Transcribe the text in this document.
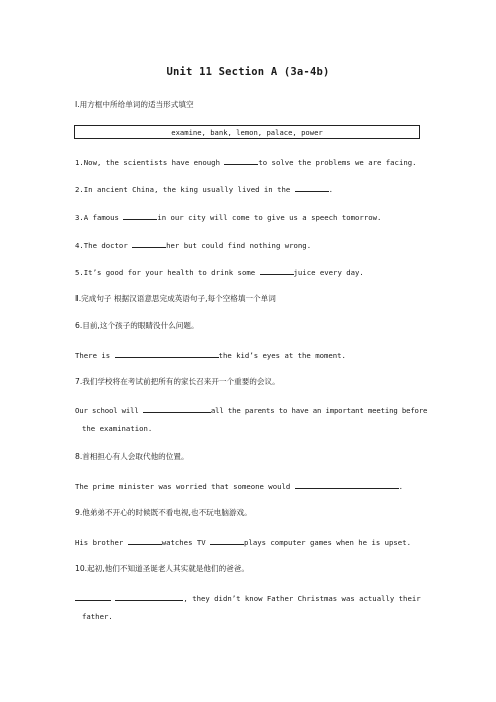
Unit 11 Section A (3a-4b)
Ⅰ.用方框中所给单词的适当形式填空
examine, bank, lemon, palace, power
1.Now, the scientists have enough	to solve the problems we are facing.
2.In ancient China, the king usually lived in the	.
3.A famous	in our city will come to give us a speech tomorrow.
4.The doctor	her but could find nothing wrong.
5.It’s good for your health to drink some	juice every day.
Ⅱ.完成句子 根据汉语意思完成英语句子,每个空格填一个单词
6.目前,这个孩子的眼睛没什么问题。
There is	the kid’s eyes at the moment.
7.我们学校将在考试前把所有的家长召来开一个重要的会议。
Our school will	all the parents to have an important meeting before
the examination.
8.首相担心有人会取代他的位置。
The prime minister was worried that someone would	.
9.他弟弟不开心的时候既不看电视,也不玩电脑游戏。
His brother	watches TV	plays computer games when he is upset.
10.起初,他们不知道圣诞老人其实就是他们的爸爸。
, they didn’t know Father Christmas was actually their
father.
